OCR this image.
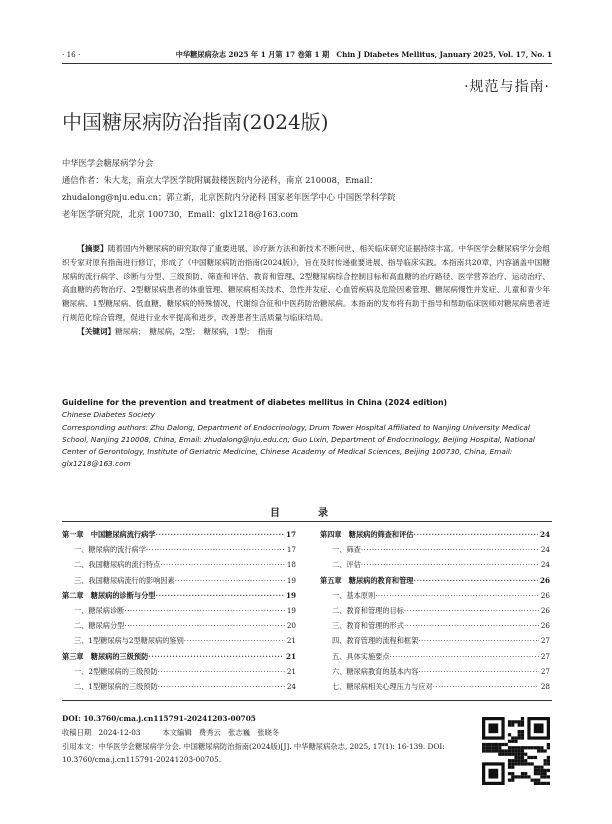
· 16 ·	中华糖尿病杂志 2025 年 1 月第 17 卷第 1 期　Chin J Diabetes Mellitus, January 2025, Vol. 17, No. 1
·规范与指南·
中国糖尿病防治指南(2024版)
中华医学会糖尿病学分会
通信作者：朱大龙，南京大学医学院附属鼓楼医院内分泌科，南京 210008，Email：
zhudalong@nju.edu.cn；郭立新，北京医院内分泌科 国家老年医学中心 中国医学科学院
老年医学研究院，北京 100730，Email：glx1218@163.com

【摘要】随着国内外糖尿病的研究取得了重要进展、诊疗新方法和新技术不断问世、相关临床研究证据持续丰富。中华医学会糖尿病学分会组织专家对原有指南进行修订，形成了《中国糖尿病防治指南(2024版)》，旨在及时传递重要进展、指导临床实践。本指南共20章，内容涵盖中国糖尿病的流行病学、诊断与分型、三级预防、筛查和评估、教育和管理、2型糖尿病综合控制目标和高血糖的治疗路径、医学营养治疗、运动治疗、高血糖的药物治疗、2型糖尿病患者的体重管理、糖尿病相关技术、急性并发症、心血管疾病及危险因素管理、糖尿病慢性并发症、儿童和青少年糖尿病、1型糖尿病、低血糖、糖尿病的特殊情况、代谢综合征和中医药防治糖尿病。本指南的发布将有助于指导和帮助临床医师对糖尿病患者进行规范化综合管理，促进行业水平提高和进步，改善患者生活质量与临床结局。

【关键词】糖尿病；　糖尿病，2型；　糖尿病，1型；　指南

Guideline for the prevention and treatment of diabetes mellitus in China (2024 edition)
Chinese Diabetes Society
Corresponding authors: Zhu Dalong, Department of Endocrinology, Drum Tower Hospital Affiliated to Nanjing University Medical School, Nanjing 210008, China, Email: zhudalong@nju.edu.cn; Guo Lixin, Department of Endocrinology, Beijing Hospital, National Center of Gerontology, Institute of Geriatric Medicine, Chinese Academy of Medical Sciences, Beijing 100730, China, Email: glx1218@163.com
目　录
第一章　中国糖尿病流行病学 ·····	17
一、糖尿病的流行病学 ·····	17
二、我国糖尿病的流行特点 ·····	18
三、我国糖尿病流行的影响因素 ·····	19
第二章　糖尿病的诊断与分型 ·····	19
一、糖尿病诊断 ·····	19
二、糖尿病分型 ·····	20
三、1型糖尿病与2型糖尿病的鉴别 ·····	21
第三章　糖尿病的三级预防 ·····	21
一、2型糖尿病的三级预防 ·····	21
二、1型糖尿病的三级预防 ·····	24
第四章　糖尿病的筛查和评估 ·····	24
一、筛查 ·····	24
二、评估 ·····	24
第五章　糖尿病的教育和管理 ·····	26
一、基本原则 ·····	26
二、教育和管理的目标 ·····	26
三、教育和管理的形式 ·····	26
四、教育管理的流程和框架 ·····	27
五、具体实施要点 ·····	27
六、糖尿病教育的基本内容 ·····	27
七、糖尿病相关心理压力与应对 ·····	28
DOI: 10.3760/cma.j.cn115791-20241203-00705
收稿日期　2024-12-03　　　本文编辑　费秀云　张志巍　张晓冬
引用本文：中华医学会糖尿病学分会. 中国糖尿病防治指南(2024版)[J]. 中华糖尿病杂志, 2025, 17(1): 16-139. DOI: 10.3760/cma.j.cn115791-20241203-00705.
